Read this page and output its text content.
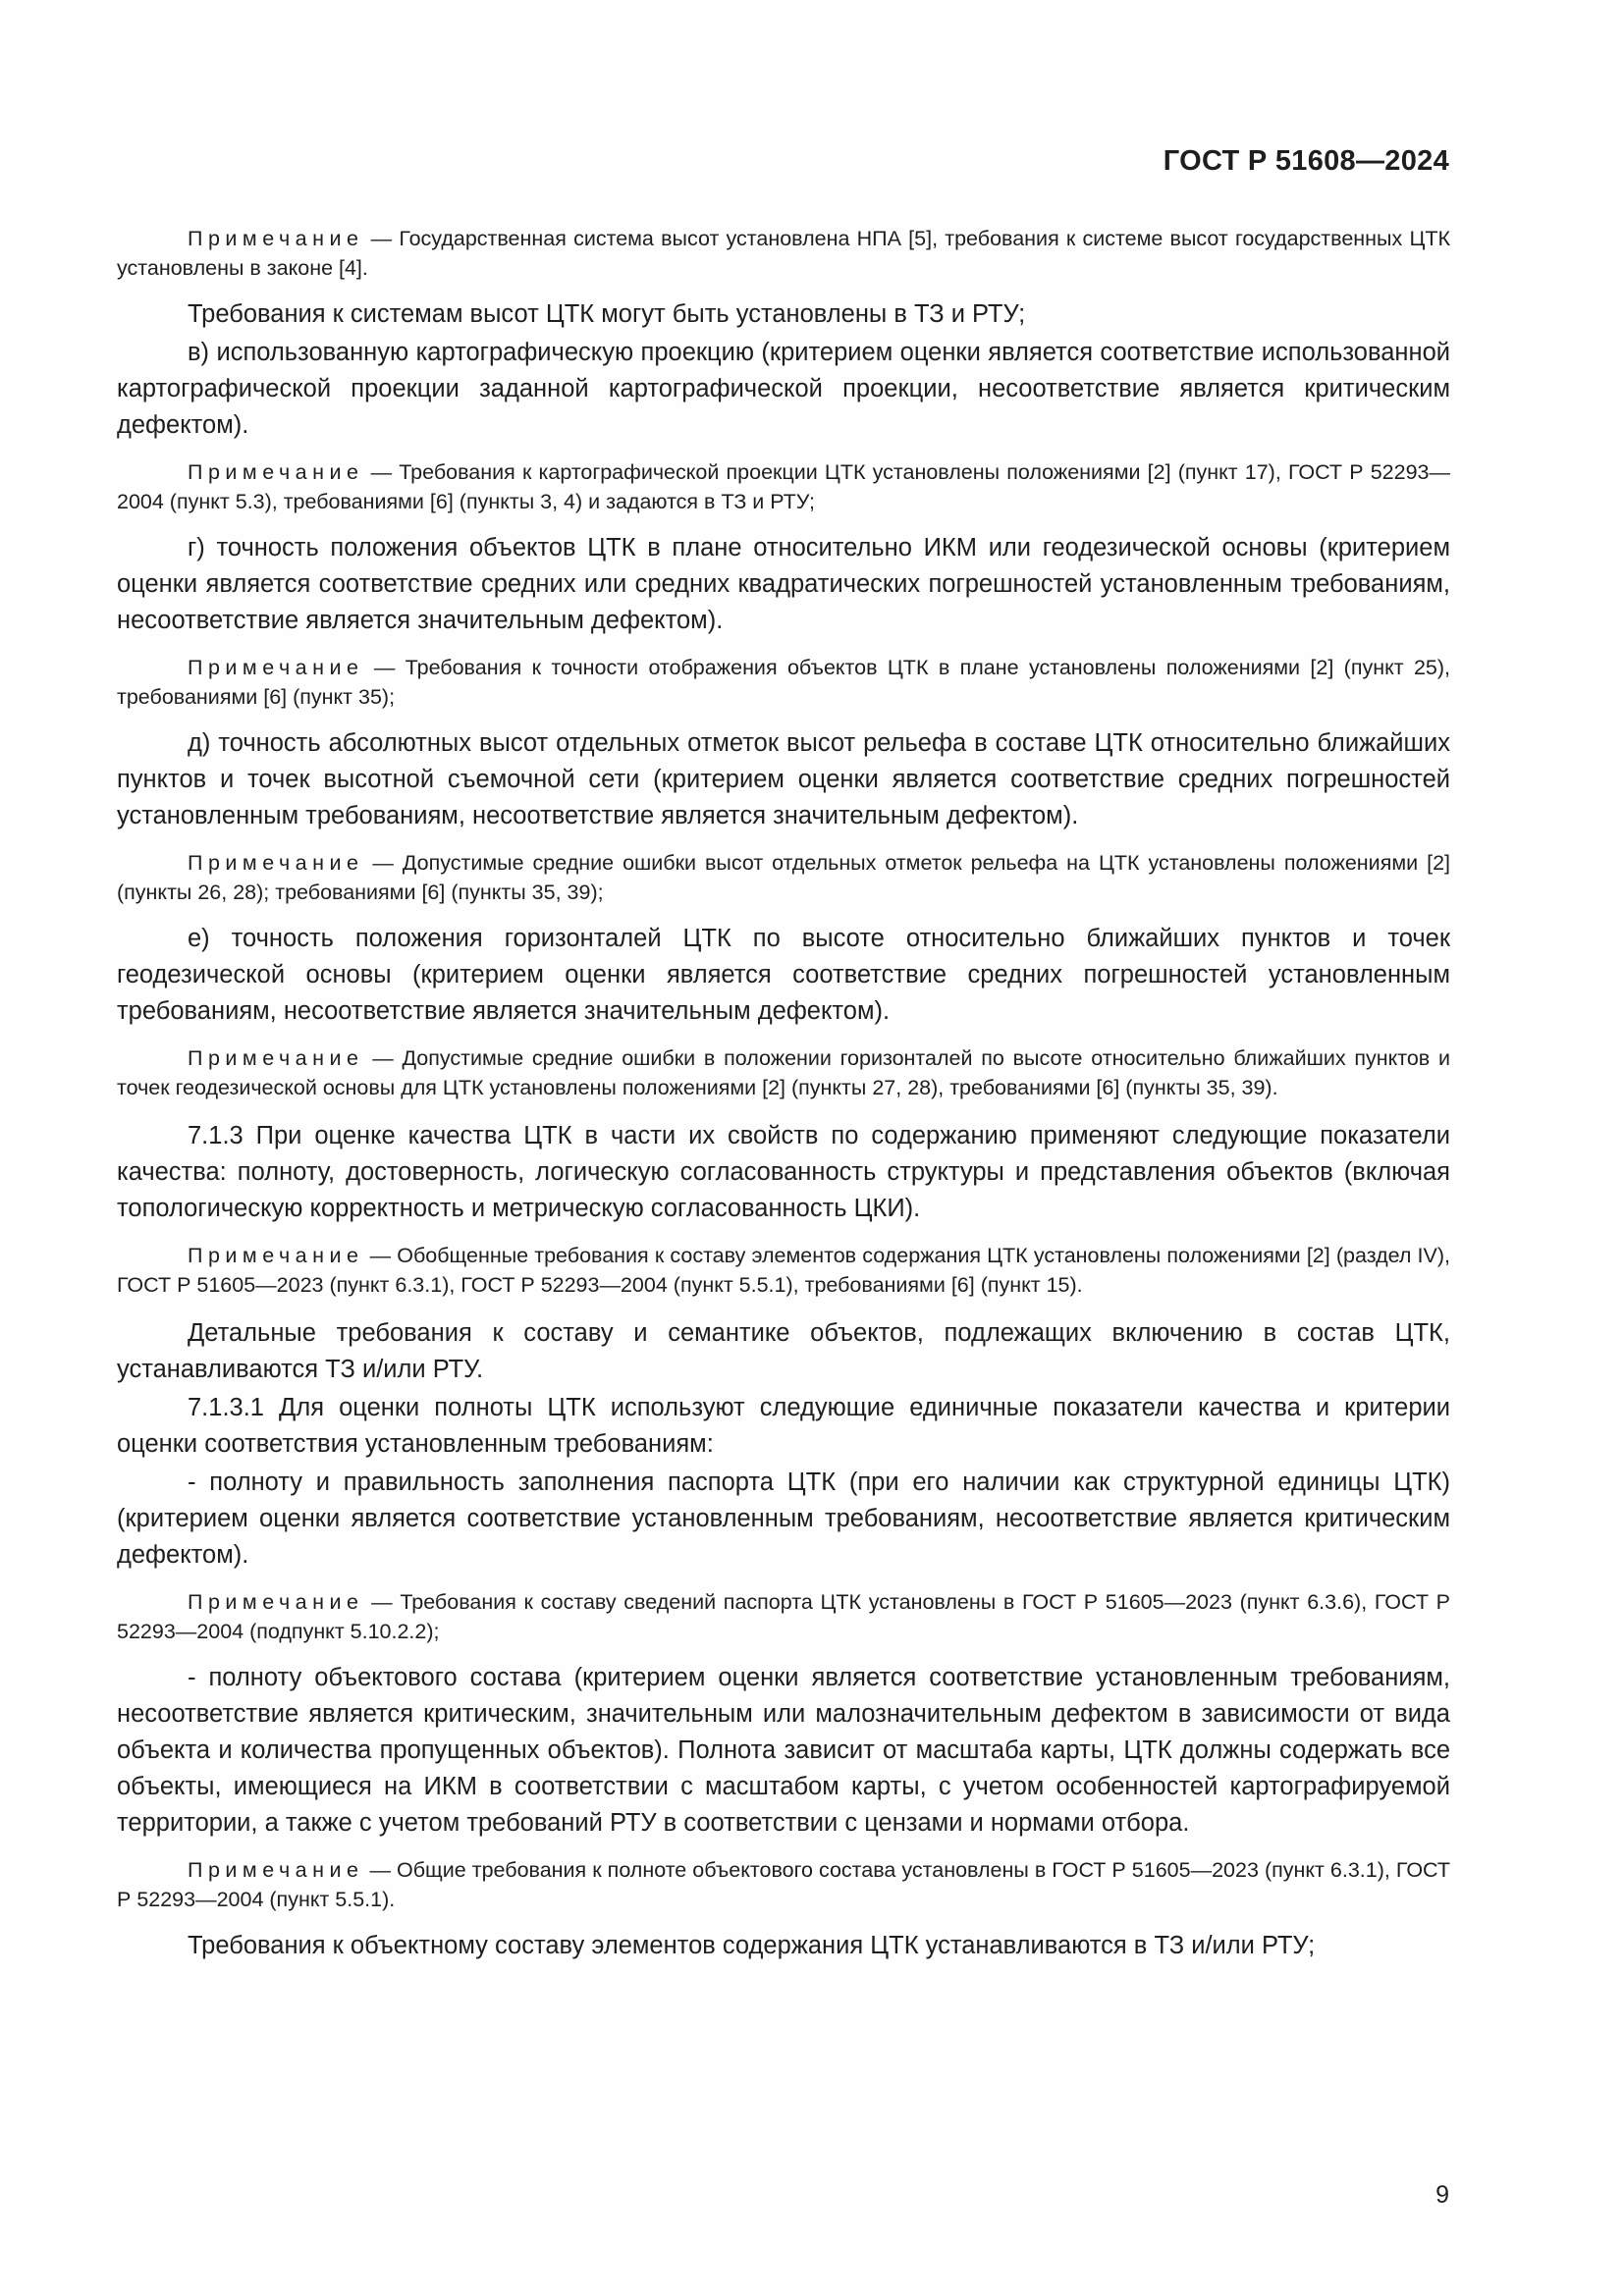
ГОСТ Р 51608—2024

Примечание — Государственная система высот установлена НПА [5], требования к системе высот государственных ЦТК установлены в законе [4].

Требования к системам высот ЦТК могут быть установлены в ТЗ и РТУ;

в) использованную картографическую проекцию (критерием оценки является соответствие использованной картографической проекции заданной картографической проекции, несоответствие является критическим дефектом).

Примечание — Требования к картографической проекции ЦТК установлены положениями [2] (пункт 17), ГОСТ Р 52293—2004 (пункт 5.3), требованиями [6] (пункты 3, 4) и задаются в ТЗ и РТУ;

г) точность положения объектов ЦТК в плане относительно ИКМ или геодезической основы (критерием оценки является соответствие средних или средних квадратических погрешностей установленным требованиям, несоответствие является значительным дефектом).

Примечание — Требования к точности отображения объектов ЦТК в плане установлены положениями [2] (пункт 25), требованиями [6] (пункт 35);

д) точность абсолютных высот отдельных отметок высот рельефа в составе ЦТК относительно ближайших пунктов и точек высотной съемочной сети (критерием оценки является соответствие средних погрешностей установленным требованиям, несоответствие является значительным дефектом).

Примечание — Допустимые средние ошибки высот отдельных отметок рельефа на ЦТК установлены положениями [2] (пункты 26, 28); требованиями [6] (пункты 35, 39);

е) точность положения горизонталей ЦТК по высоте относительно ближайших пунктов и точек геодезической основы (критерием оценки является соответствие средних погрешностей установленным требованиям, несоответствие является значительным дефектом).

Примечание — Допустимые средние ошибки в положении горизонталей по высоте относительно ближайших пунктов и точек геодезической основы для ЦТК установлены положениями [2] (пункты 27, 28), требованиями [6] (пункты 35, 39).

7.1.3 При оценке качества ЦТК в части их свойств по содержанию применяют следующие показатели качества: полноту, достоверность, логическую согласованность структуры и представления объектов (включая топологическую корректность и метрическую согласованность ЦКИ).

Примечание — Обобщенные требования к составу элементов содержания ЦТК установлены положениями [2] (раздел IV), ГОСТ Р 51605—2023 (пункт 6.3.1), ГОСТ Р 52293—2004 (пункт 5.5.1), требованиями [6] (пункт 15).

Детальные требования к составу и семантике объектов, подлежащих включению в состав ЦТК, устанавливаются ТЗ и/или РТУ.

7.1.3.1 Для оценки полноты ЦТК используют следующие единичные показатели качества и критерии оценки соответствия установленным требованиям:

- полноту и правильность заполнения паспорта ЦТК (при его наличии как структурной единицы ЦТК) (критерием оценки является соответствие установленным требованиям, несоответствие является критическим дефектом).

Примечание — Требования к составу сведений паспорта ЦТК установлены в ГОСТ Р 51605—2023 (пункт 6.3.6), ГОСТ Р 52293—2004 (подпункт 5.10.2.2);

- полноту объектового состава (критерием оценки является соответствие установленным требованиям, несоответствие является критическим, значительным или малозначительным дефектом в зависимости от вида объекта и количества пропущенных объектов). Полнота зависит от масштаба карты, ЦТК должны содержать все объекты, имеющиеся на ИКМ в соответствии с масштабом карты, с учетом особенностей картографируемой территории, а также с учетом требований РТУ в соответствии с цензами и нормами отбора.

Примечание — Общие требования к полноте объектового состава установлены в ГОСТ Р 51605—2023 (пункт 6.3.1), ГОСТ Р 52293—2004 (пункт 5.5.1).

Требования к объектному составу элементов содержания ЦТК устанавливаются в ТЗ и/или РТУ;

9
